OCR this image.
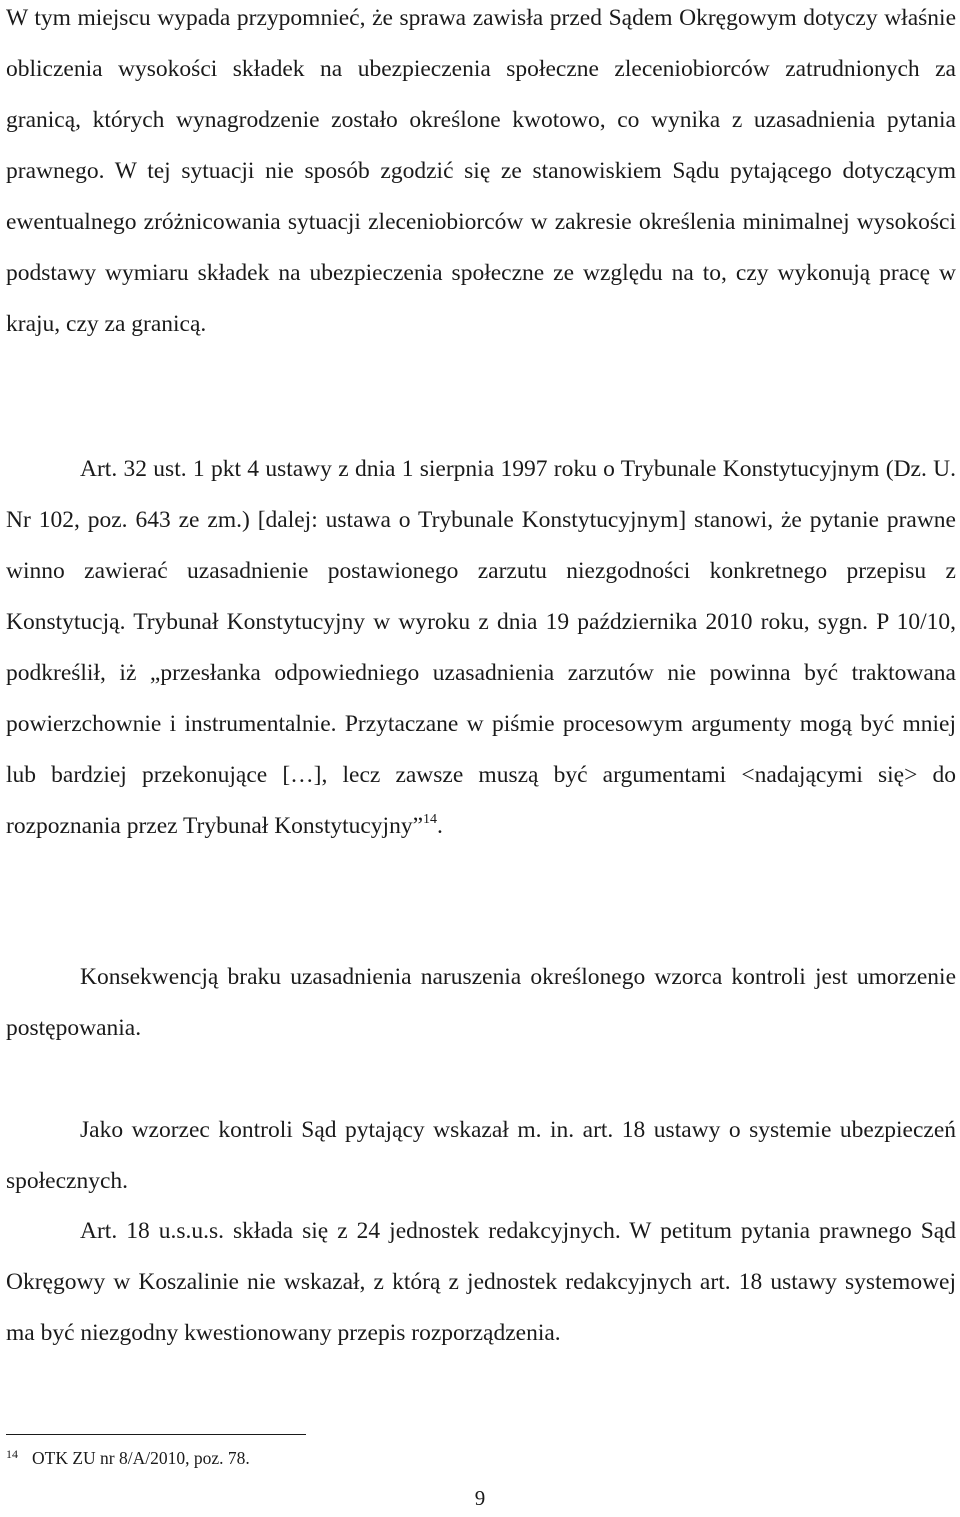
W tym miejscu wypada przypomnieć, że sprawa zawisła przed Sądem Okręgowym dotyczy właśnie obliczenia wysokości składek na ubezpieczenia społeczne zleceniobiorców zatrudnionych za granicą, których wynagrodzenie zostało określone kwotowo, co wynika z uzasadnienia pytania prawnego. W tej sytuacji nie sposób zgodzić się ze stanowiskiem Sądu pytającego dotyczącym ewentualnego zróżnicowania sytuacji zleceniobiorców w zakresie określenia minimalnej wysokości podstawy wymiaru składek na ubezpieczenia społeczne ze względu na to, czy wykonują pracę w kraju, czy za granicą.

Art. 32 ust. 1 pkt 4 ustawy z dnia 1 sierpnia 1997 roku o Trybunale Konstytucyjnym (Dz. U. Nr 102, poz. 643 ze zm.) [dalej: ustawa o Trybunale Konstytucyjnym] stanowi, że pytanie prawne winno zawierać uzasadnienie postawionego zarzutu niezgodności konkretnego przepisu z Konstytucją. Trybunał Konstytucyjny w wyroku z dnia 19 października 2010 roku, sygn. P 10/10, podkreślił, iż „przesłanka odpowiedniego uzasadnienia zarzutów nie powinna być traktowana powierzchownie i instrumentalnie. Przytaczane w piśmie procesowym argumenty mogą być mniej lub bardziej przekonujące […], lecz zawsze muszą być argumentami <nadającymi się> do rozpoznania przez Trybunał Konstytucyjny”$^{14}$.

Konsekwencją braku uzasadnienia naruszenia określonego wzorca kontroli jest umorzenie postępowania.

Jako wzorzec kontroli Sąd pytający wskazał m. in. art. 18 ustawy o systemie ubezpieczeń społecznych.

Art. 18 u.s.u.s. składa się z 24 jednostek redakcyjnych. W petitum pytania prawnego Sąd Okręgowy w Koszalinie nie wskazał, z którą z jednostek redakcyjnych art. 18 ustawy systemowej ma być niezgodny kwestionowany przepis rozporządzenia.

$^{14}$ OTK ZU nr 8/A/2010, poz. 78.
9
